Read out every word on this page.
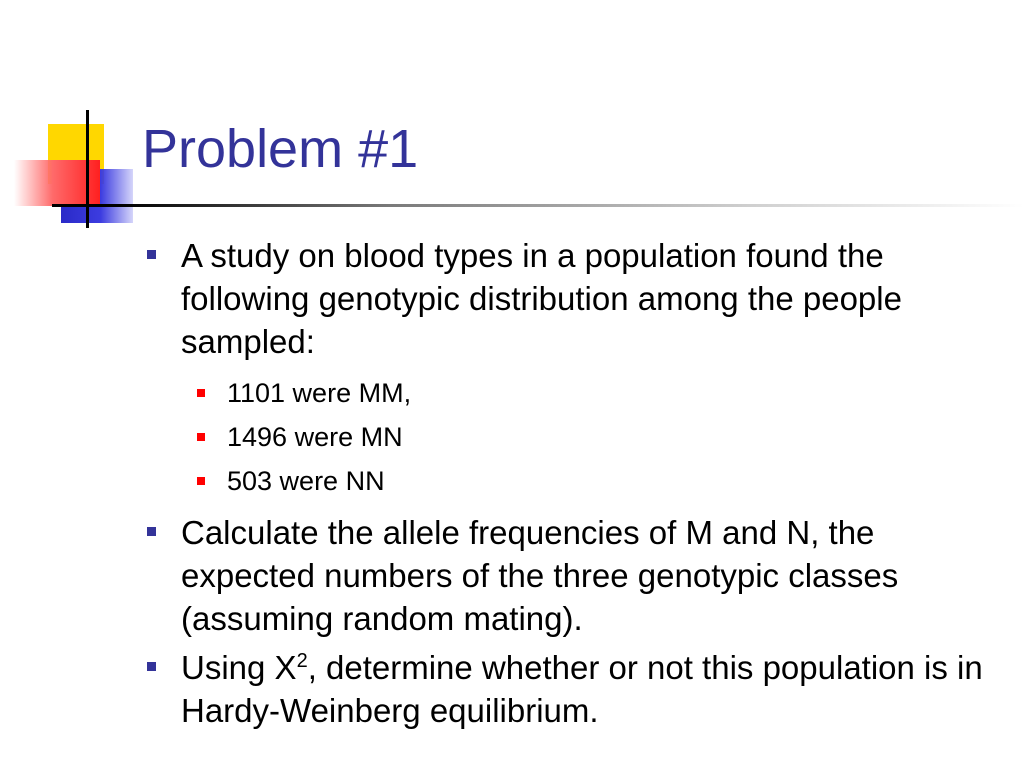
Problem #1
A study on blood types in a population found the following genotypic distribution among the people sampled:
1101 were MM,
1496 were MN
503 were NN
Calculate the allele frequencies of M and N, the expected numbers of the three genotypic classes (assuming random mating).
Using $X^2$, determine whether or not this population is in Hardy-Weinberg equilibrium.
